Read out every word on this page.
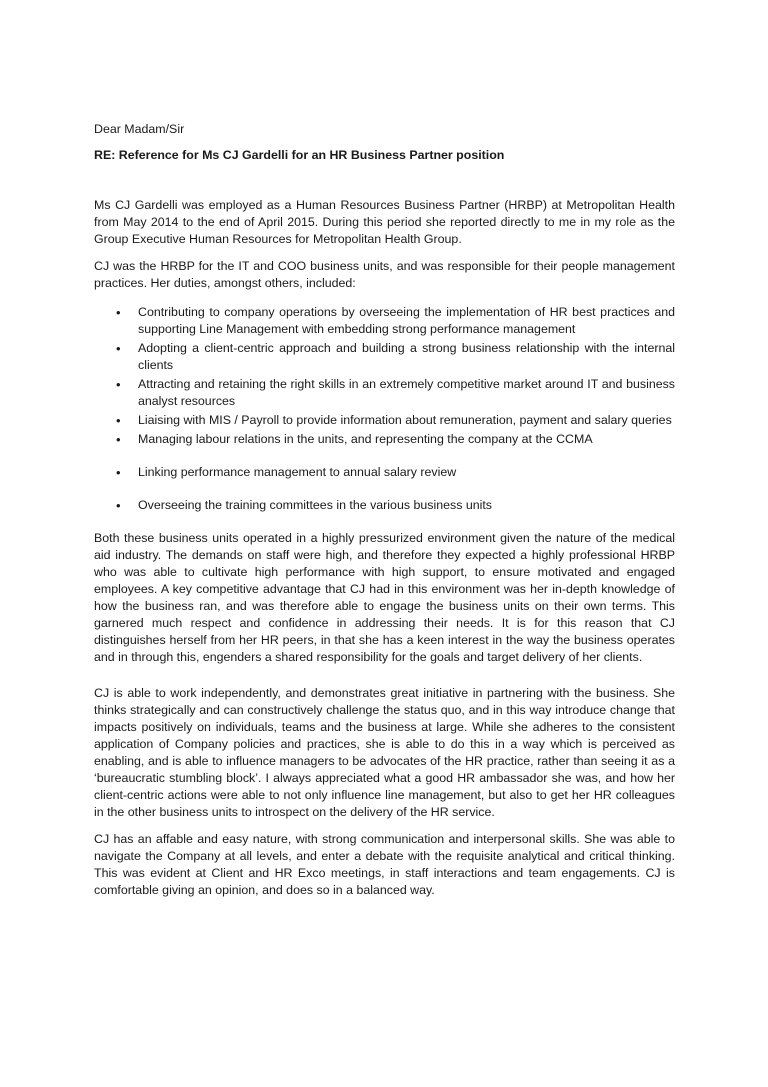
Dear Madam/Sir
RE: Reference for Ms CJ Gardelli for an HR Business Partner position

Ms CJ Gardelli was employed as a Human Resources Business Partner (HRBP) at Metropolitan Health from May 2014 to the end of April 2015. During this period she reported directly to me in my role as the Group Executive Human Resources for Metropolitan Health Group.

CJ was the HRBP for the IT and COO business units, and was responsible for their people management practices. Her duties, amongst others, included:

• Contributing to company operations by overseeing the implementation of HR best practices and supporting Line Management with embedding strong performance management
• Adopting a client-centric approach and building a strong business relationship with the internal clients
• Attracting and retaining the right skills in an extremely competitive market around IT and business analyst resources
• Liaising with MIS / Payroll to provide information about remuneration, payment and salary queries
• Managing labour relations in the units, and representing the company at the CCMA
• Linking performance management to annual salary review
• Overseeing the training committees in the various business units

Both these business units operated in a highly pressurized environment given the nature of the medical aid industry. The demands on staff were high, and therefore they expected a highly professional HRBP who was able to cultivate high performance with high support, to ensure motivated and engaged employees. A key competitive advantage that CJ had in this environment was her in-depth knowledge of how the business ran, and was therefore able to engage the business units on their own terms. This garnered much respect and confidence in addressing their needs. It is for this reason that CJ distinguishes herself from her HR peers, in that she has a keen interest in the way the business operates and in through this, engenders a shared responsibility for the goals and target delivery of her clients.

CJ is able to work independently, and demonstrates great initiative in partnering with the business. She thinks strategically and can constructively challenge the status quo, and in this way introduce change that impacts positively on individuals, teams and the business at large. While she adheres to the consistent application of Company policies and practices, she is able to do this in a way which is perceived as enabling, and is able to influence managers to be advocates of the HR practice, rather than seeing it as a ‘bureaucratic stumbling block’. I always appreciated what a good HR ambassador she was, and how her client-centric actions were able to not only influence line management, but also to get her HR colleagues in the other business units to introspect on the delivery of the HR service.

CJ has an affable and easy nature, with strong communication and interpersonal skills. She was able to navigate the Company at all levels, and enter a debate with the requisite analytical and critical thinking. This was evident at Client and HR Exco meetings, in staff interactions and team engagements. CJ is comfortable giving an opinion, and does so in a balanced way.
